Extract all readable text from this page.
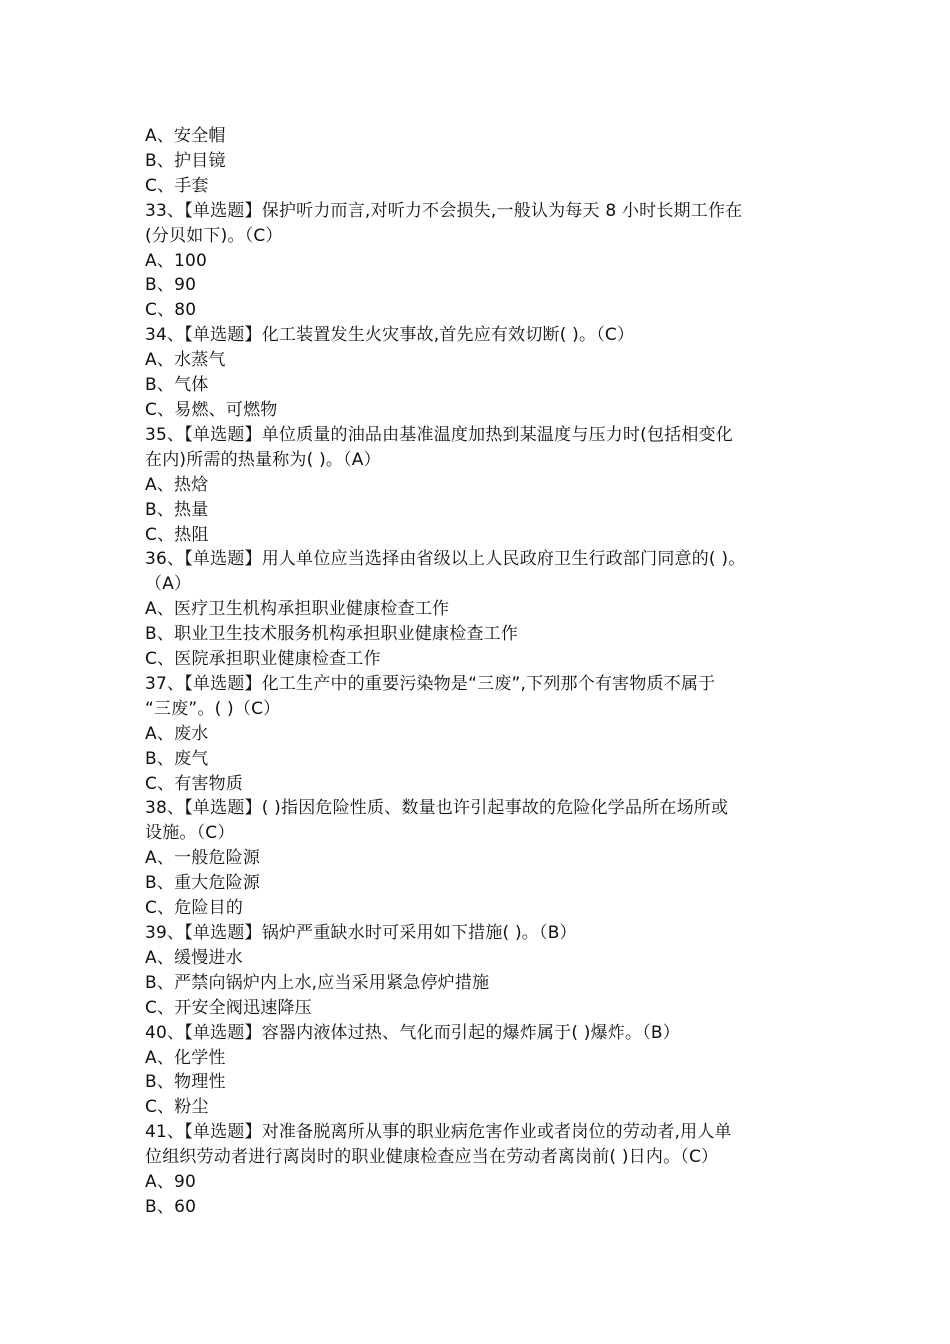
A、安全帽
B、护目镜
C、手套
33、【单选题】保护听力而言,对听力不会损失,一般认为每天 8 小时长期工作在
(分贝如下)。（C）
A、100
B、90
C、80
34、【单选题】化工装置发生火灾事故,首先应有效切断( )。（C）
A、水蒸气
B、气体
C、易燃、可燃物
35、【单选题】单位质量的油品由基准温度加热到某温度与压力时(包括相变化
在内)所需的热量称为( )。（A）
A、热焓
B、热量
C、热阻
36、【单选题】用人单位应当选择由省级以上人民政府卫生行政部门同意的( )。
（A）
A、医疗卫生机构承担职业健康检查工作
B、职业卫生技术服务机构承担职业健康检查工作
C、医院承担职业健康检查工作
37、【单选题】化工生产中的重要污染物是“三废”,下列那个有害物质不属于
“三废”。( )（C）
A、废水
B、废气
C、有害物质
38、【单选题】( )指因危险性质、数量也许引起事故的危险化学品所在场所或
设施。（C）
A、一般危险源
B、重大危险源
C、危险目的
39、【单选题】锅炉严重缺水时可采用如下措施( )。（B）
A、缓慢进水
B、严禁向锅炉内上水,应当采用紧急停炉措施
C、开安全阀迅速降压
40、【单选题】容器内液体过热、气化而引起的爆炸属于( )爆炸。（B）
A、化学性
B、物理性
C、粉尘
41、【单选题】对准备脱离所从事的职业病危害作业或者岗位的劳动者,用人单
位组织劳动者进行离岗时的职业健康检查应当在劳动者离岗前( )日内。（C）
A、90
B、60
